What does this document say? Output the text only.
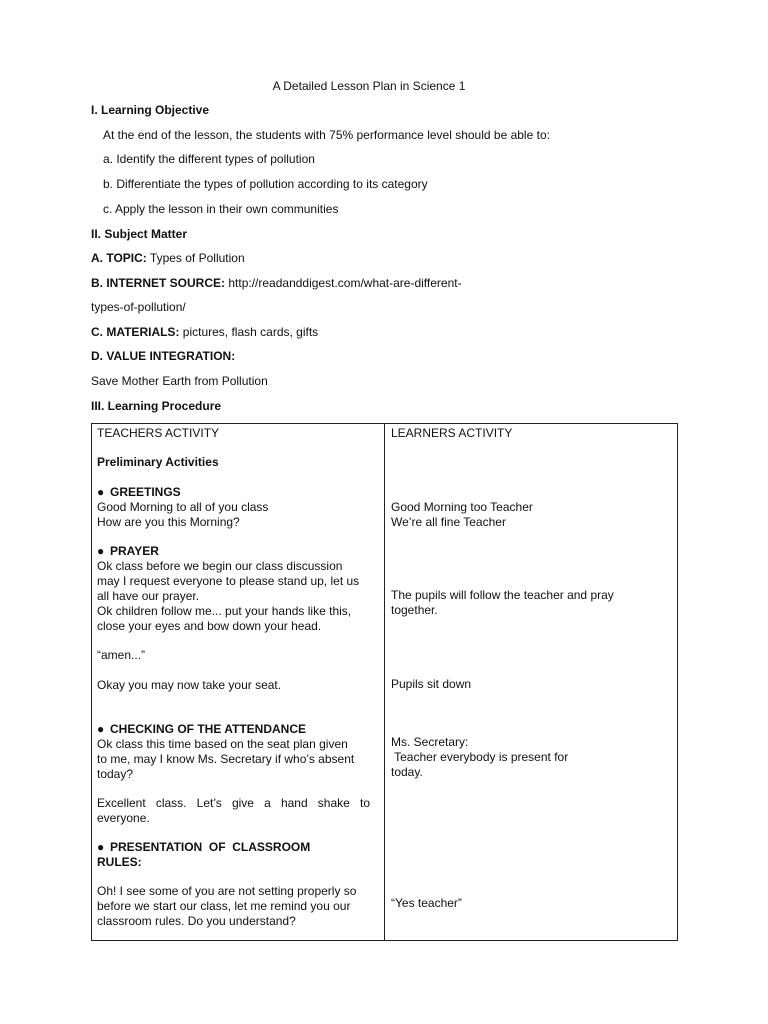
A Detailed Lesson Plan in Science 1
I. Learning Objective
At the end of the lesson, the students with 75% performance level should be able to:
a. Identify the different types of pollution
b. Differentiate the types of pollution according to its category
c. Apply the lesson in their own communities
II. Subject Matter
A. TOPIC: Types of Pollution
B. INTERNET SOURCE: http://readanddigest.com/what-are-different-
types-of-pollution/
C. MATERIALS: pictures, flash cards, gifts
D. VALUE INTEGRATION:
Save Mother Earth from Pollution
III. Learning Procedure
TEACHERS ACTIVITY	LEARNERS ACTIVITY
Preliminary Activities
● GREETINGS
Good Morning to all of you class
How are you this Morning?
Good Morning too Teacher
We’re all fine Teacher
● PRAYER
Ok class before we begin our class discussion
may I request everyone to please stand up, let us
all have our prayer.
Ok children follow me... put your hands like this,
close your eyes and bow down your head.
The pupils will follow the teacher and pray
together.
“amen...”
Okay you may now take your seat.	Pupils sit down
● CHECKING OF THE ATTENDANCE
Ok class this time based on the seat plan given
to me, may I know Ms. Secretary if who’s absent
today?
Ms. Secretary:
Teacher everybody is present for
today.
Excellent class. Let’s give a hand shake to
everyone.
● PRESENTATION  OF  CLASSROOM
RULES:
Oh! I see some of you are not setting properly so
before we start our class, let me remind you our
classroom rules. Do you understand?
“Yes teacher”
